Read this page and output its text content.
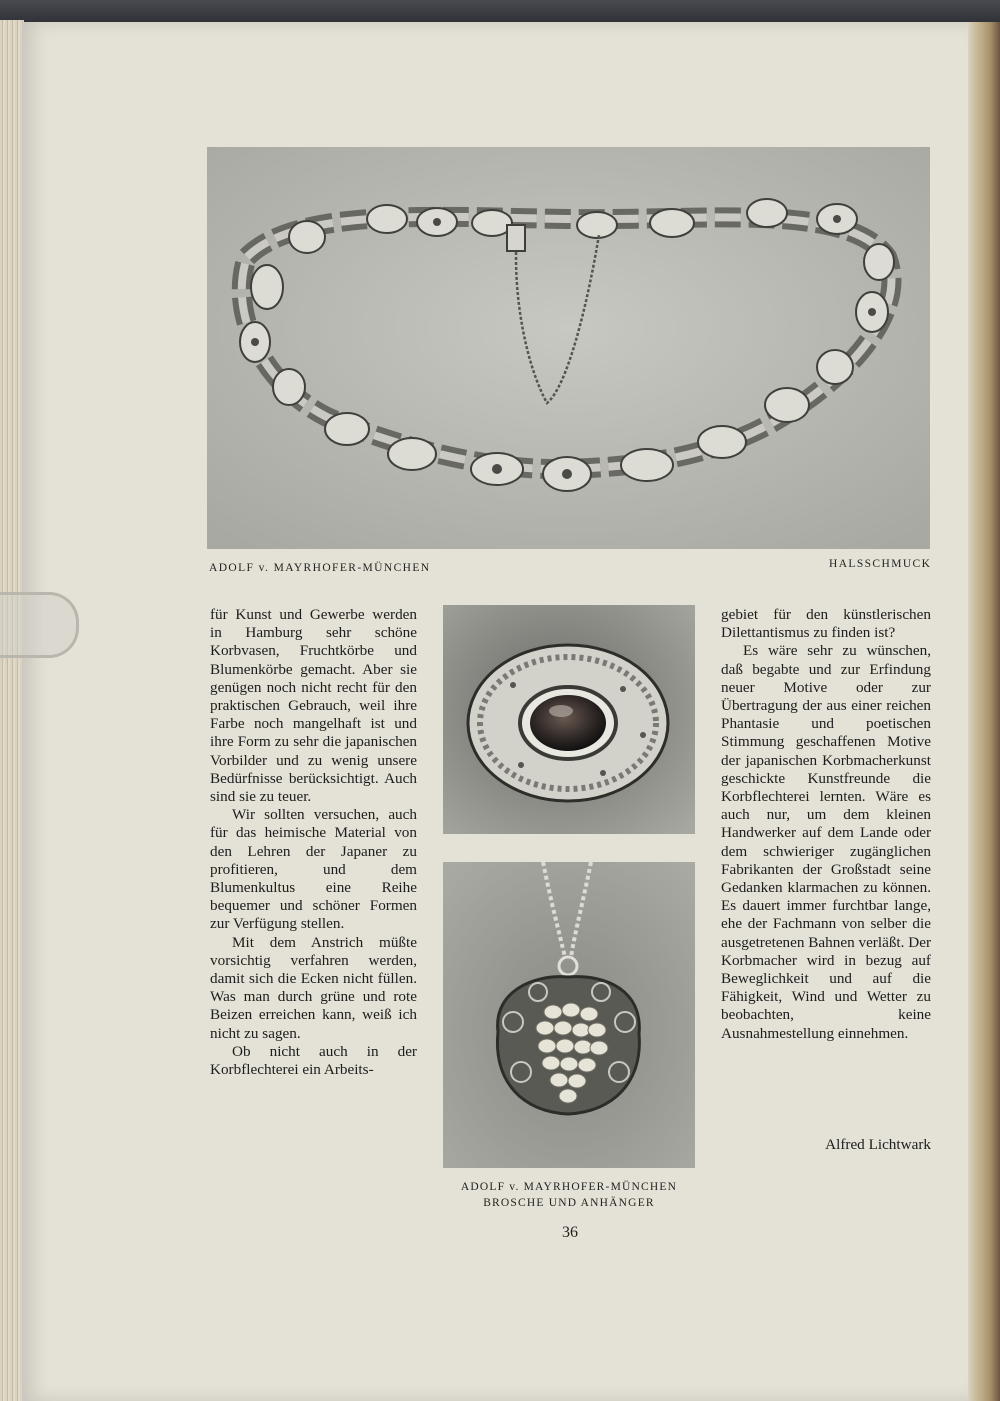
ADOLF v. MAYRHOFER-MÜNCHEN	HALSSCHMUCK
ADOLF v. MAYRHOFER-MÜNCHEN
BROSCHE UND ANHÄNGER

für Kunst und Gewerbe werden in Hamburg sehr schöne Korbvasen, Fruchtkörbe und Blumenkörbe gemacht. Aber sie genügen noch nicht recht für den praktischen Gebrauch, weil ihre Farbe noch mangelhaft ist und ihre Form zu sehr die japanischen Vorbilder und zu wenig unsere Bedürfnisse berücksichtigt. Auch sind sie zu teuer.

Wir sollten versuchen, auch für das heimische Material von den Lehren der Japaner zu profitieren, und dem Blumenkultus eine Reihe bequemer und schöner Formen zur Verfügung stellen.

Mit dem Anstrich müßte vorsichtig verfahren werden, damit sich die Ecken nicht füllen. Was man durch grüne und rote Beizen erreichen kann, weiß ich nicht zu sagen.

Ob nicht auch in der Korbflechterei ein Arbeits-

gebiet für den künstlerischen Dilettantismus zu finden ist?

Es wäre sehr zu wünschen, daß begabte und zur Erfindung neuer Motive oder zur Übertragung der aus einer reichen Phantasie und poetischen Stimmung geschaffenen Motive der japanischen Korbmacherkunst geschickte Kunstfreunde die Korbflechterei lernten. Wäre es auch nur, um dem kleinen Handwerker auf dem Lande oder dem schwieriger zugänglichen Fabrikanten der Großstadt seine Gedanken klarmachen zu können. Es dauert immer furchtbar lange, ehe der Fachmann von selber die ausgetretenen Bahnen verläßt. Der Korbmacher wird in bezug auf Beweglichkeit und auf die Fähigkeit, Wind und Wetter zu beobachten, keine Ausnahmestellung einnehmen.

Alfred Lichtwark
36
